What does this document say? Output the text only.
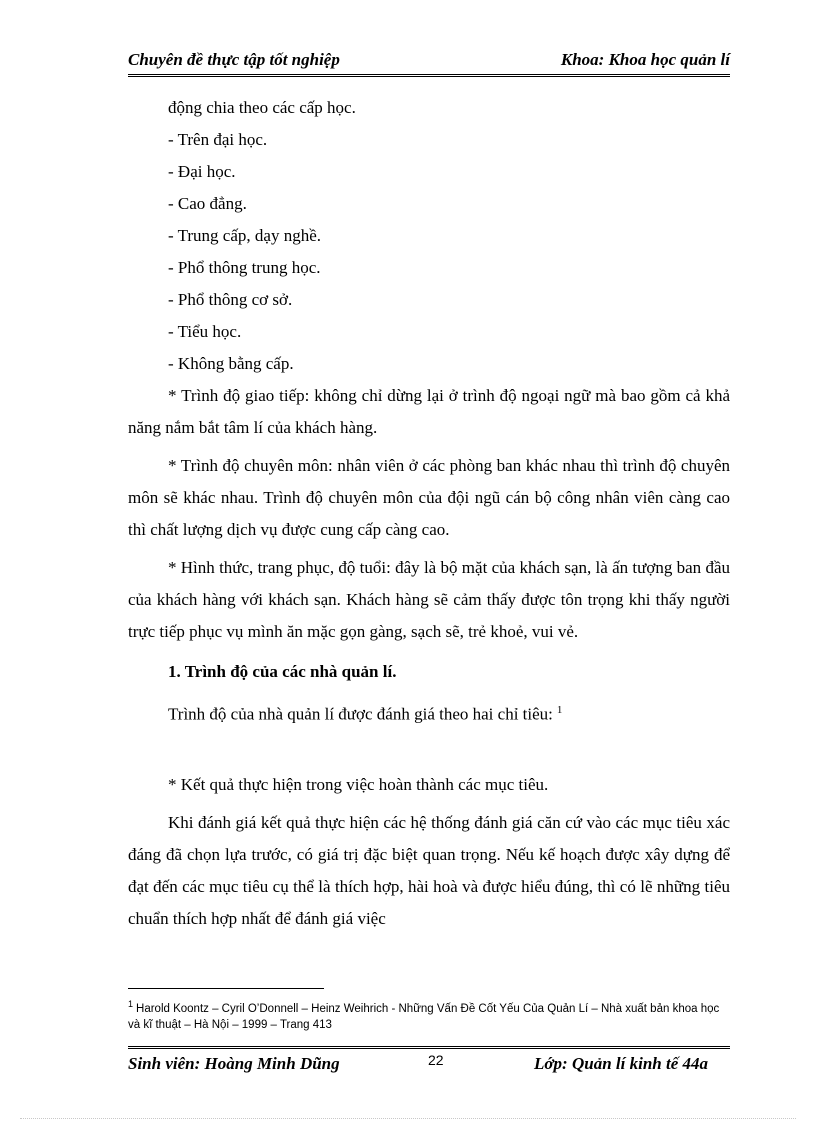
Chuyên đề thực tập tốt nghiệp	Khoa: Khoa học quản lí

động chia theo các cấp học.

- Trên đại học.

- Đại học.

- Cao đẳng.

- Trung cấp, dạy nghề.

- Phổ thông trung học.

- Phổ thông cơ sở.

- Tiểu học.

- Không bằng cấp.

* Trình độ giao tiếp: không chỉ dừng lại ở trình độ ngoại ngữ mà bao gồm cả khả năng nắm bắt tâm lí của khách hàng.

* Trình độ chuyên môn: nhân viên ở các phòng ban khác nhau thì trình độ chuyên môn sẽ khác nhau. Trình độ chuyên môn của đội ngũ cán bộ công nhân viên càng cao thì chất lượng dịch vụ được cung cấp càng cao.

* Hình thức, trang phục, độ tuổi: đây là bộ mặt của khách sạn, là ấn tượng ban đầu của khách hàng với khách sạn. Khách hàng sẽ cảm thấy được tôn trọng khi thấy người trực tiếp phục vụ mình ăn mặc gọn gàng, sạch sẽ, trẻ khoẻ, vui vẻ.

1. Trình độ của các nhà quản lí.

Trình độ của nhà quản lí được đánh giá theo hai chỉ tiêu: $^1$

* Kết quả thực hiện trong việc hoàn thành các mục tiêu.

Khi đánh giá kết quả thực hiện các hệ thống đánh giá căn cứ vào các mục tiêu xác đáng đã chọn lựa trước, có giá trị đặc biệt quan trọng. Nếu kế hoạch được xây dựng để đạt đến các mục tiêu cụ thể là thích hợp, hài hoà và được hiểu đúng, thì có lẽ những tiêu chuẩn thích hợp nhất để đánh giá việc

$^1$ Harold Koontz – Cyril O’Donnell – Heinz Weihrich - Những Vấn Đề Cốt Yếu Của Quản Lí – Nhà xuất bản khoa học và kĩ thuật – Hà Nội – 1999 – Trang 413
Sinh viên: Hoàng Minh Dũng	22	Lớp: Quản lí kinh tế 44a
